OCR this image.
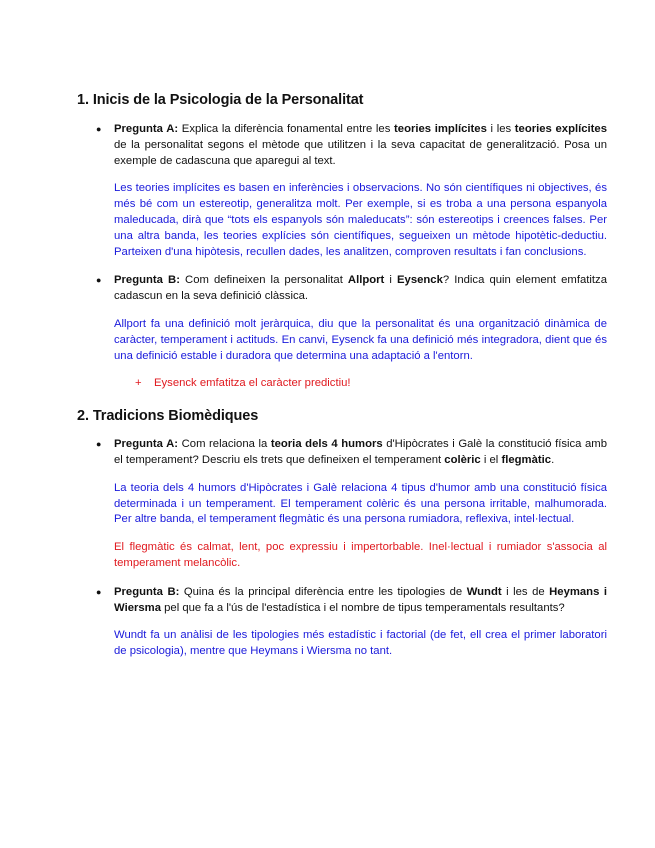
1. Inicis de la Psicologia de la Personalitat
● Pregunta A: Explica la diferència fonamental entre les teories implícites i les teories explícites de la personalitat segons el mètode que utilitzen i la seva capacitat de generalització. Posa un exemple de cadascuna que aparegui al text.

Les teories implícites es basen en inferències i observacions. No són científiques ni objectives, és més bé com un estereotip, generalitza molt. Per exemple, si es troba a una persona espanyola maleducada, dirà que “tots els espanyols són maleducats”: són estereotips i creences falses. Per una altra banda, les teories explícies són científiques, segueixen un mètode hipotètic-deductiu. Parteixen d'una hipòtesis, recullen dades, les analitzen, comproven resultats i fan conclusions.

● Pregunta B: Com defineixen la personalitat Allport i Eysenck? Indica quin element emfatitza cadascun en la seva definició clàssica.

Allport fa una definició molt jeràrquica, diu que la personalitat és una organització dinàmica de caràcter, temperament i actituds. En canvi, Eysenck fa una definició més integradora, dient que és una definició estable i duradora que determina una adaptació a l'entorn.

+ Eysenck emfatitza el caràcter predictiu!
2. Tradicions Biomèdiques
● Pregunta A: Com relaciona la teoria dels 4 humors d'Hipòcrates i Galè la constitució física amb el temperament? Descriu els trets que defineixen el temperament colèric i el flegmàtic.

La teoria dels 4 humors d'Hipòcrates i Galè relaciona 4 tipus d'humor amb una constitució física determinada i un temperament. El temperament colèric és una persona irritable, malhumorada. Per altre banda, el temperament flegmàtic és una persona rumiadora, reflexiva, intel·lectual.

El flegmàtic és calmat, lent, poc expressiu i impertorbable. Inel·lectual i rumiador s'associa al temperament melancòlic.

● Pregunta B: Quina és la principal diferència entre les tipologies de Wundt i les de Heymans i Wiersma pel que fa a l'ús de l'estadística i el nombre de tipus temperamentals resultants?

Wundt fa un anàlisi de les tipologies més estadístic i factorial (de fet, ell crea el primer laboratori de psicologia), mentre que Heymans i Wiersma no tant.
